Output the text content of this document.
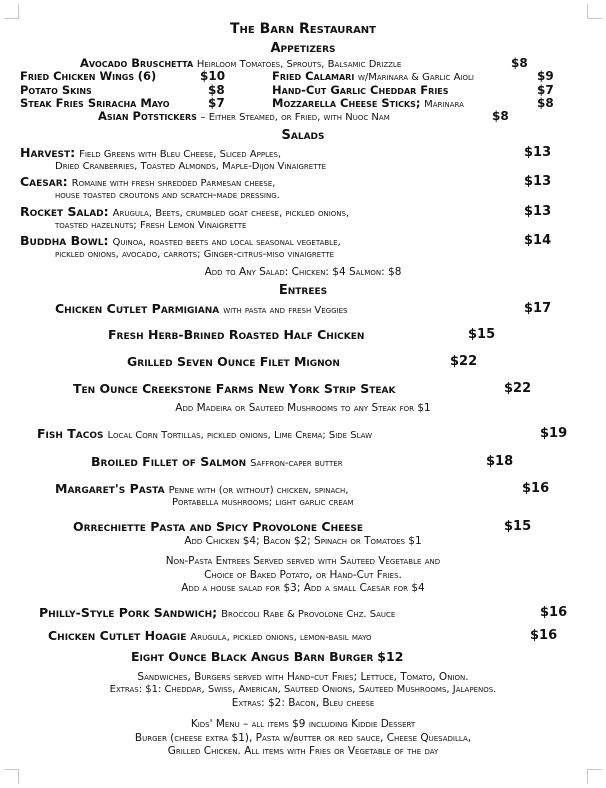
The Barn Restaurant
Appetizers
Avocado Bruschetta Heirloom Tomatoes, Sprouts, Balsamic Drizzle	$8
Fried Chicken Wings (6)	$10	Fried Calamari w/Marinara & Garlic Aioli	$9
Potato Skins	$8	Hand-Cut Garlic Cheddar Fries	$7
Steak Fries Sriracha Mayo	$7	Mozzarella Cheese Sticks; Marinara	$8
Asian Potstickers – Either Steamed, or Fried, with Nuoc Nam	$8
Salads
Harvest: Field Greens with Bleu Cheese, Sliced Apples,	$13
Dried Cranberries, Toasted Almonds, Maple-Dijon Vinaigrette
Caesar: Romaine with fresh shredded Parmesan cheese,	$13
house toasted croutons and scratch-made dressing.
Rocket Salad: Arugula, Beets, crumbled goat cheese, pickled onions,	$13
toasted hazelnuts; Fresh Lemon Vinaigrette
Buddha Bowl: Quinoa, roasted beets and local seasonal vegetable,	$14
pickled onions, avocado, carrots; Ginger-citrus-miso vinaigrette
Add to Any Salad: Chicken: $4 Salmon: $8
Entrees
Chicken Cutlet Parmigiana with pasta and fresh Veggies	$17
Fresh Herb-Brined Roasted Half Chicken	$15
Grilled Seven Ounce Filet Mignon	$22
Ten Ounce Creekstone Farms New York Strip Steak	$22
Add Madeira or Sauteed Mushrooms to any Steak for $1
Fish Tacos Local Corn Tortillas, pickled onions, Lime Crema; Side Slaw	$19
Broiled Fillet of Salmon Saffron-caper butter	$18
Margaret's Pasta Penne with (or without) chicken, spinach,	$16
Portabella mushrooms; light garlic cream
Orrechiette Pasta and Spicy Provolone Cheese	$15
Add Chicken $4; Bacon $2; Spinach or Tomatoes $1
Non-Pasta Entrees Served served with Sauteed Vegetable and
Choice of Baked Potato, or Hand-Cut Fries.
Add a house salad for $3; Add a small Caesar for $4
Philly-Style Pork Sandwich; Broccoli Rabe & Provolone Chz. Sauce	$16
Chicken Cutlet Hoagie Arugula, pickled onions, lemon-basil mayo	$16
Eight Ounce Black Angus Barn Burger $12
Sandwiches, Burgers served with Hand-cut Fries; Lettuce, Tomato, Onion.
Extras: $1: Cheddar, Swiss, American, Sauteed Onions, Sauteed Mushrooms, Jalapenos.
Extras: $2: Bacon, Bleu cheese
Kids' Menu – all items $9 including Kiddie Dessert
Burger (cheese extra $1), Pasta w/butter or red sauce, Cheese Quesadilla,
Grilled Chicken. All items with Fries or Vegetable of the day
